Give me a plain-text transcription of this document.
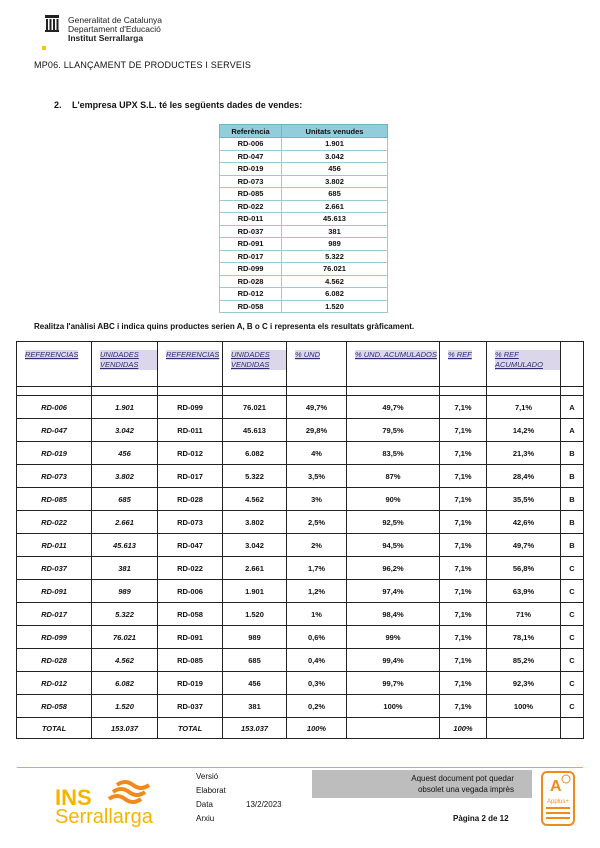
Generalitat de Catalunya
Departament d'Educació
Institut Serrallarga
MP06. LLANÇAMENT DE PRODUCTES I SERVEIS
2. L'empresa UPX S.L. té les següents dades de vendes:
Referència	Unitats venudes
RD-006	1.901
RD-047	3.042
RD-019	456
RD-073	3.802
RD-085	685
RD-022	2.661
RD-011	45.613
RD-037	381
RD-091	989
RD-017	5.322
RD-099	76.021
RD-028	4.562
RD-012	6.082
RD-058	1.520
Realitza l'anàlisi ABC i indica quins productes serien A, B o C i representa els resultats gràficament.
REFERENCIAS	UNIDADES VENDIDAS	REFERENCIAS	UNIDADES VENDIDAS	% UND	% UND. ACUMULADOS	% REF	% REF ACUMULADO	

RD-006	1.901	RD-099	76.021	49,7%	49,7%	7,1%	7,1%	A
RD-047	3.042	RD-011	45.613	29,8%	79,5%	7,1%	14,2%	A
RD-019	456	RD-012	6.082	4%	83,5%	7,1%	21,3%	B
RD-073	3.802	RD-017	5.322	3,5%	87%	7,1%	28,4%	B
RD-085	685	RD-028	4.562	3%	90%	7,1%	35,5%	B
RD-022	2.661	RD-073	3.802	2,5%	92,5%	7,1%	42,6%	B
RD-011	45.613	RD-047	3.042	2%	94,5%	7,1%	49,7%	B
RD-037	381	RD-022	2.661	1,7%	96,2%	7,1%	56,8%	C
RD-091	989	RD-006	1.901	1,2%	97,4%	7,1%	63,9%	C
RD-017	5.322	RD-058	1.520	1%	98,4%	7,1%	71%	C
RD-099	76.021	RD-091	989	0,6%	99%	7,1%	78,1%	C
RD-028	4.562	RD-085	685	0,4%	99,4%	7,1%	85,2%	C
RD-012	6.082	RD-019	456	0,3%	99,7%	7,1%	92,3%	C
RD-058	1.520	RD-037	381	0,2%	100%	7,1%	100%	C
TOTAL	153.037	TOTAL	153.037	100%		100%		
INS
Serrallarga
Versió
Elaborat
Data	13/2/2023
Arxiu
Aquest document pot quedar
obsolet una vegada imprès
Pàgina 2 de 12
A
Applus+
